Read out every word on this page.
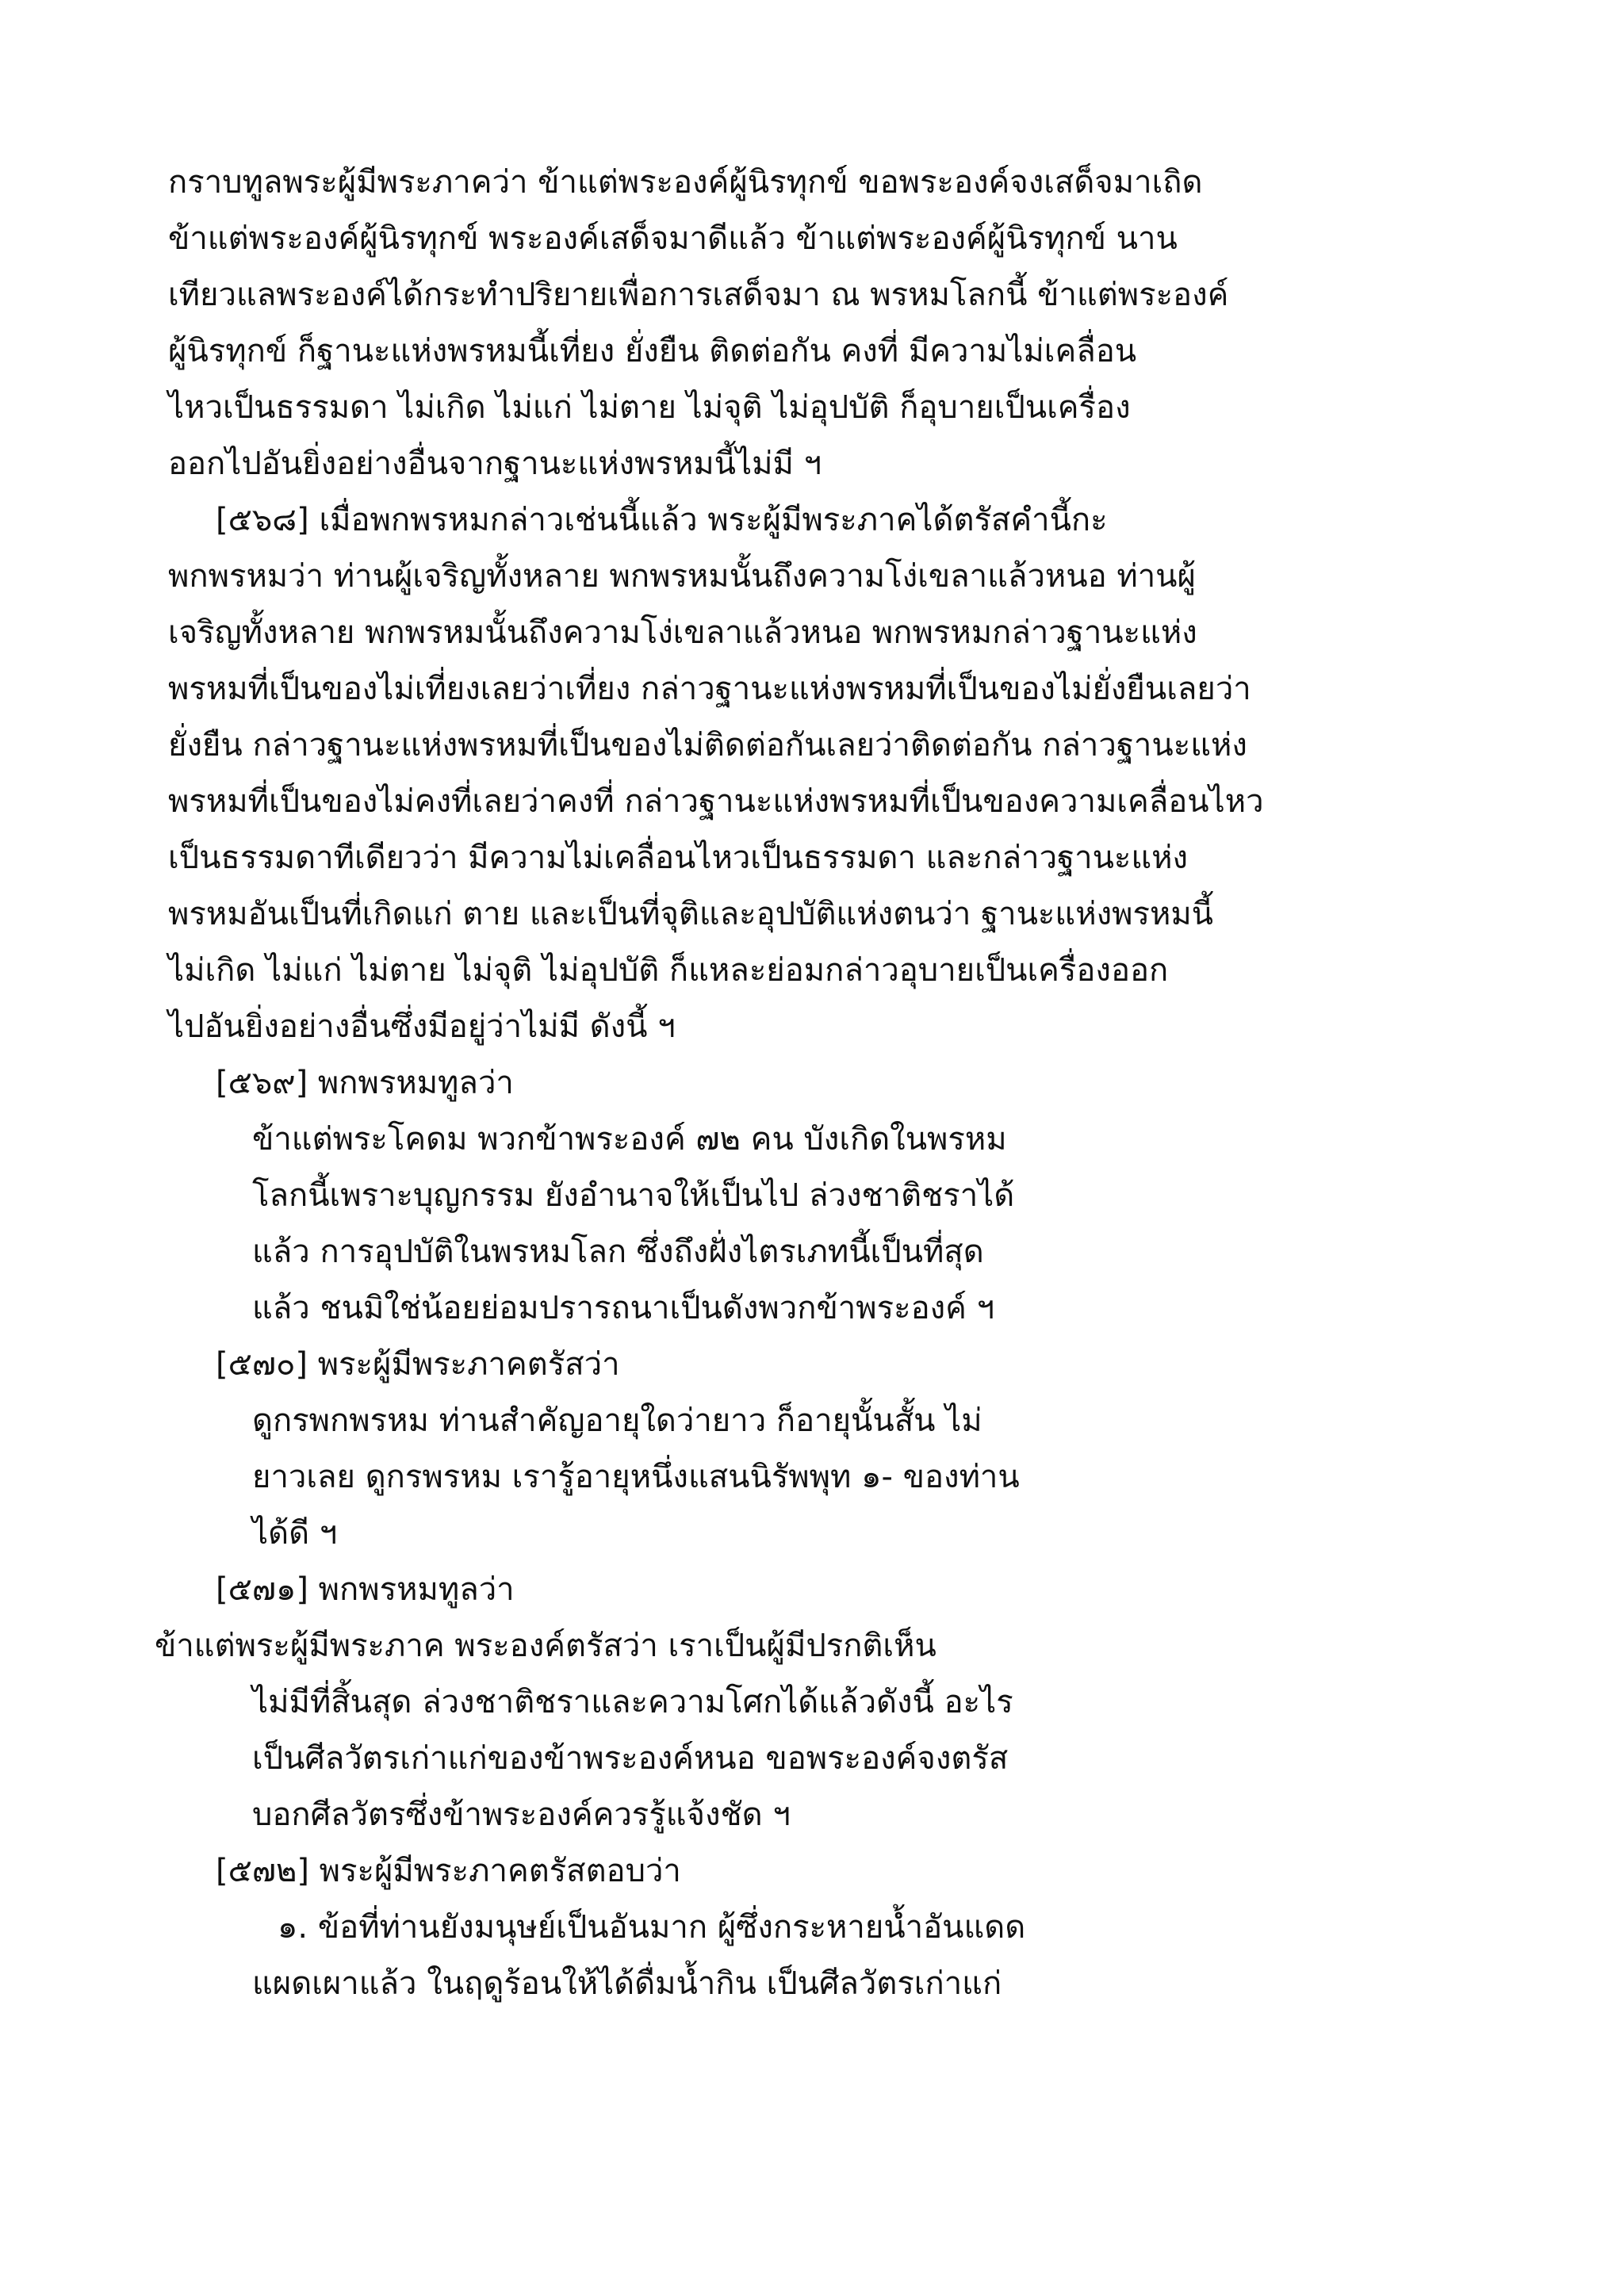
กราบทูลพระผู้มีพระภาคว่า ข้าแต่พระองค์ผู้นิรทุกข์ ขอพระองค์จงเสด็จมาเถิด
ข้าแต่พระองค์ผู้นิรทุกข์ พระองค์เสด็จมาดีแล้ว ข้าแต่พระองค์ผู้นิรทุกข์ นาน
เทียวแลพระองค์ได้กระทำปริยายเพื่อการเสด็จมา ณ พรหมโลกนี้ ข้าแต่พระองค์
ผู้นิรทุกข์ ก็ฐานะแห่งพรหมนี้เที่ยง ยั่งยืน ติดต่อกัน คงที่ มีความไม่เคลื่อน
ไหวเป็นธรรมดา ไม่เกิด ไม่แก่ ไม่ตาย ไม่จุติ ไม่อุปบัติ ก็อุบายเป็นเครื่อง
ออกไปอันยิ่งอย่างอื่นจากฐานะแห่งพรหมนี้ไม่มี ฯ
[๕๖๘] เมื่อพกพรหมกล่าวเช่นนี้แล้ว พระผู้มีพระภาคได้ตรัสคำนี้กะ
พกพรหมว่า ท่านผู้เจริญทั้งหลาย พกพรหมนั้นถึงความโง่เขลาแล้วหนอ ท่านผู้
เจริญทั้งหลาย พกพรหมนั้นถึงความโง่เขลาแล้วหนอ พกพรหมกล่าวฐานะแห่ง
พรหมที่เป็นของไม่เที่ยงเลยว่าเที่ยง กล่าวฐานะแห่งพรหมที่เป็นของไม่ยั่งยืนเลยว่า
ยั่งยืน กล่าวฐานะแห่งพรหมที่เป็นของไม่ติดต่อกันเลยว่าติดต่อกัน กล่าวฐานะแห่ง
พรหมที่เป็นของไม่คงที่เลยว่าคงที่ กล่าวฐานะแห่งพรหมที่เป็นของความเคลื่อนไหว
เป็นธรรมดาทีเดียวว่า มีความไม่เคลื่อนไหวเป็นธรรมดา และกล่าวฐานะแห่ง
พรหมอันเป็นที่เกิดแก่ ตาย และเป็นที่จุติและอุปบัติแห่งตนว่า ฐานะแห่งพรหมนี้
ไม่เกิด ไม่แก่ ไม่ตาย ไม่จุติ ไม่อุปบัติ ก็แหละย่อมกล่าวอุบายเป็นเครื่องออก
ไปอันยิ่งอย่างอื่นซึ่งมีอยู่ว่าไม่มี ดังนี้ ฯ
[๕๖๙] พกพรหมทูลว่า
ข้าแต่พระโคดม พวกข้าพระองค์ ๗๒ คน บังเกิดในพรหม
โลกนี้เพราะบุญกรรม ยังอำนาจให้เป็นไป ล่วงชาติชราได้
แล้ว การอุปบัติในพรหมโลก ซึ่งถึงฝั่งไตรเภทนี้เป็นที่สุด
แล้ว ชนมิใช่น้อยย่อมปรารถนาเป็นดังพวกข้าพระองค์ ฯ
[๕๗๐] พระผู้มีพระภาคตรัสว่า
ดูกรพกพรหม ท่านสำคัญอายุใดว่ายาว ก็อายุนั้นสั้น ไม่
ยาวเลย ดูกรพรหม เรารู้อายุหนึ่งแสนนิรัพพุท ๑- ของท่าน
ได้ดี ฯ
[๕๗๑] พกพรหมทูลว่า
ข้าแต่พระผู้มีพระภาค พระองค์ตรัสว่า เราเป็นผู้มีปรกติเห็น
ไม่มีที่สิ้นสุด ล่วงชาติชราและความโศกได้แล้วดังนี้ อะไร
เป็นศีลวัตรเก่าแก่ของข้าพระองค์หนอ ขอพระองค์จงตรัส
บอกศีลวัตรซึ่งข้าพระองค์ควรรู้แจ้งชัด ฯ
[๕๗๒] พระผู้มีพระภาคตรัสตอบว่า
๑. ข้อที่ท่านยังมนุษย์เป็นอันมาก ผู้ซึ่งกระหายน้ำอันแดด
แผดเผาแล้ว ในฤดูร้อนให้ได้ดื่มน้ำกิน เป็นศีลวัตรเก่าแก่
